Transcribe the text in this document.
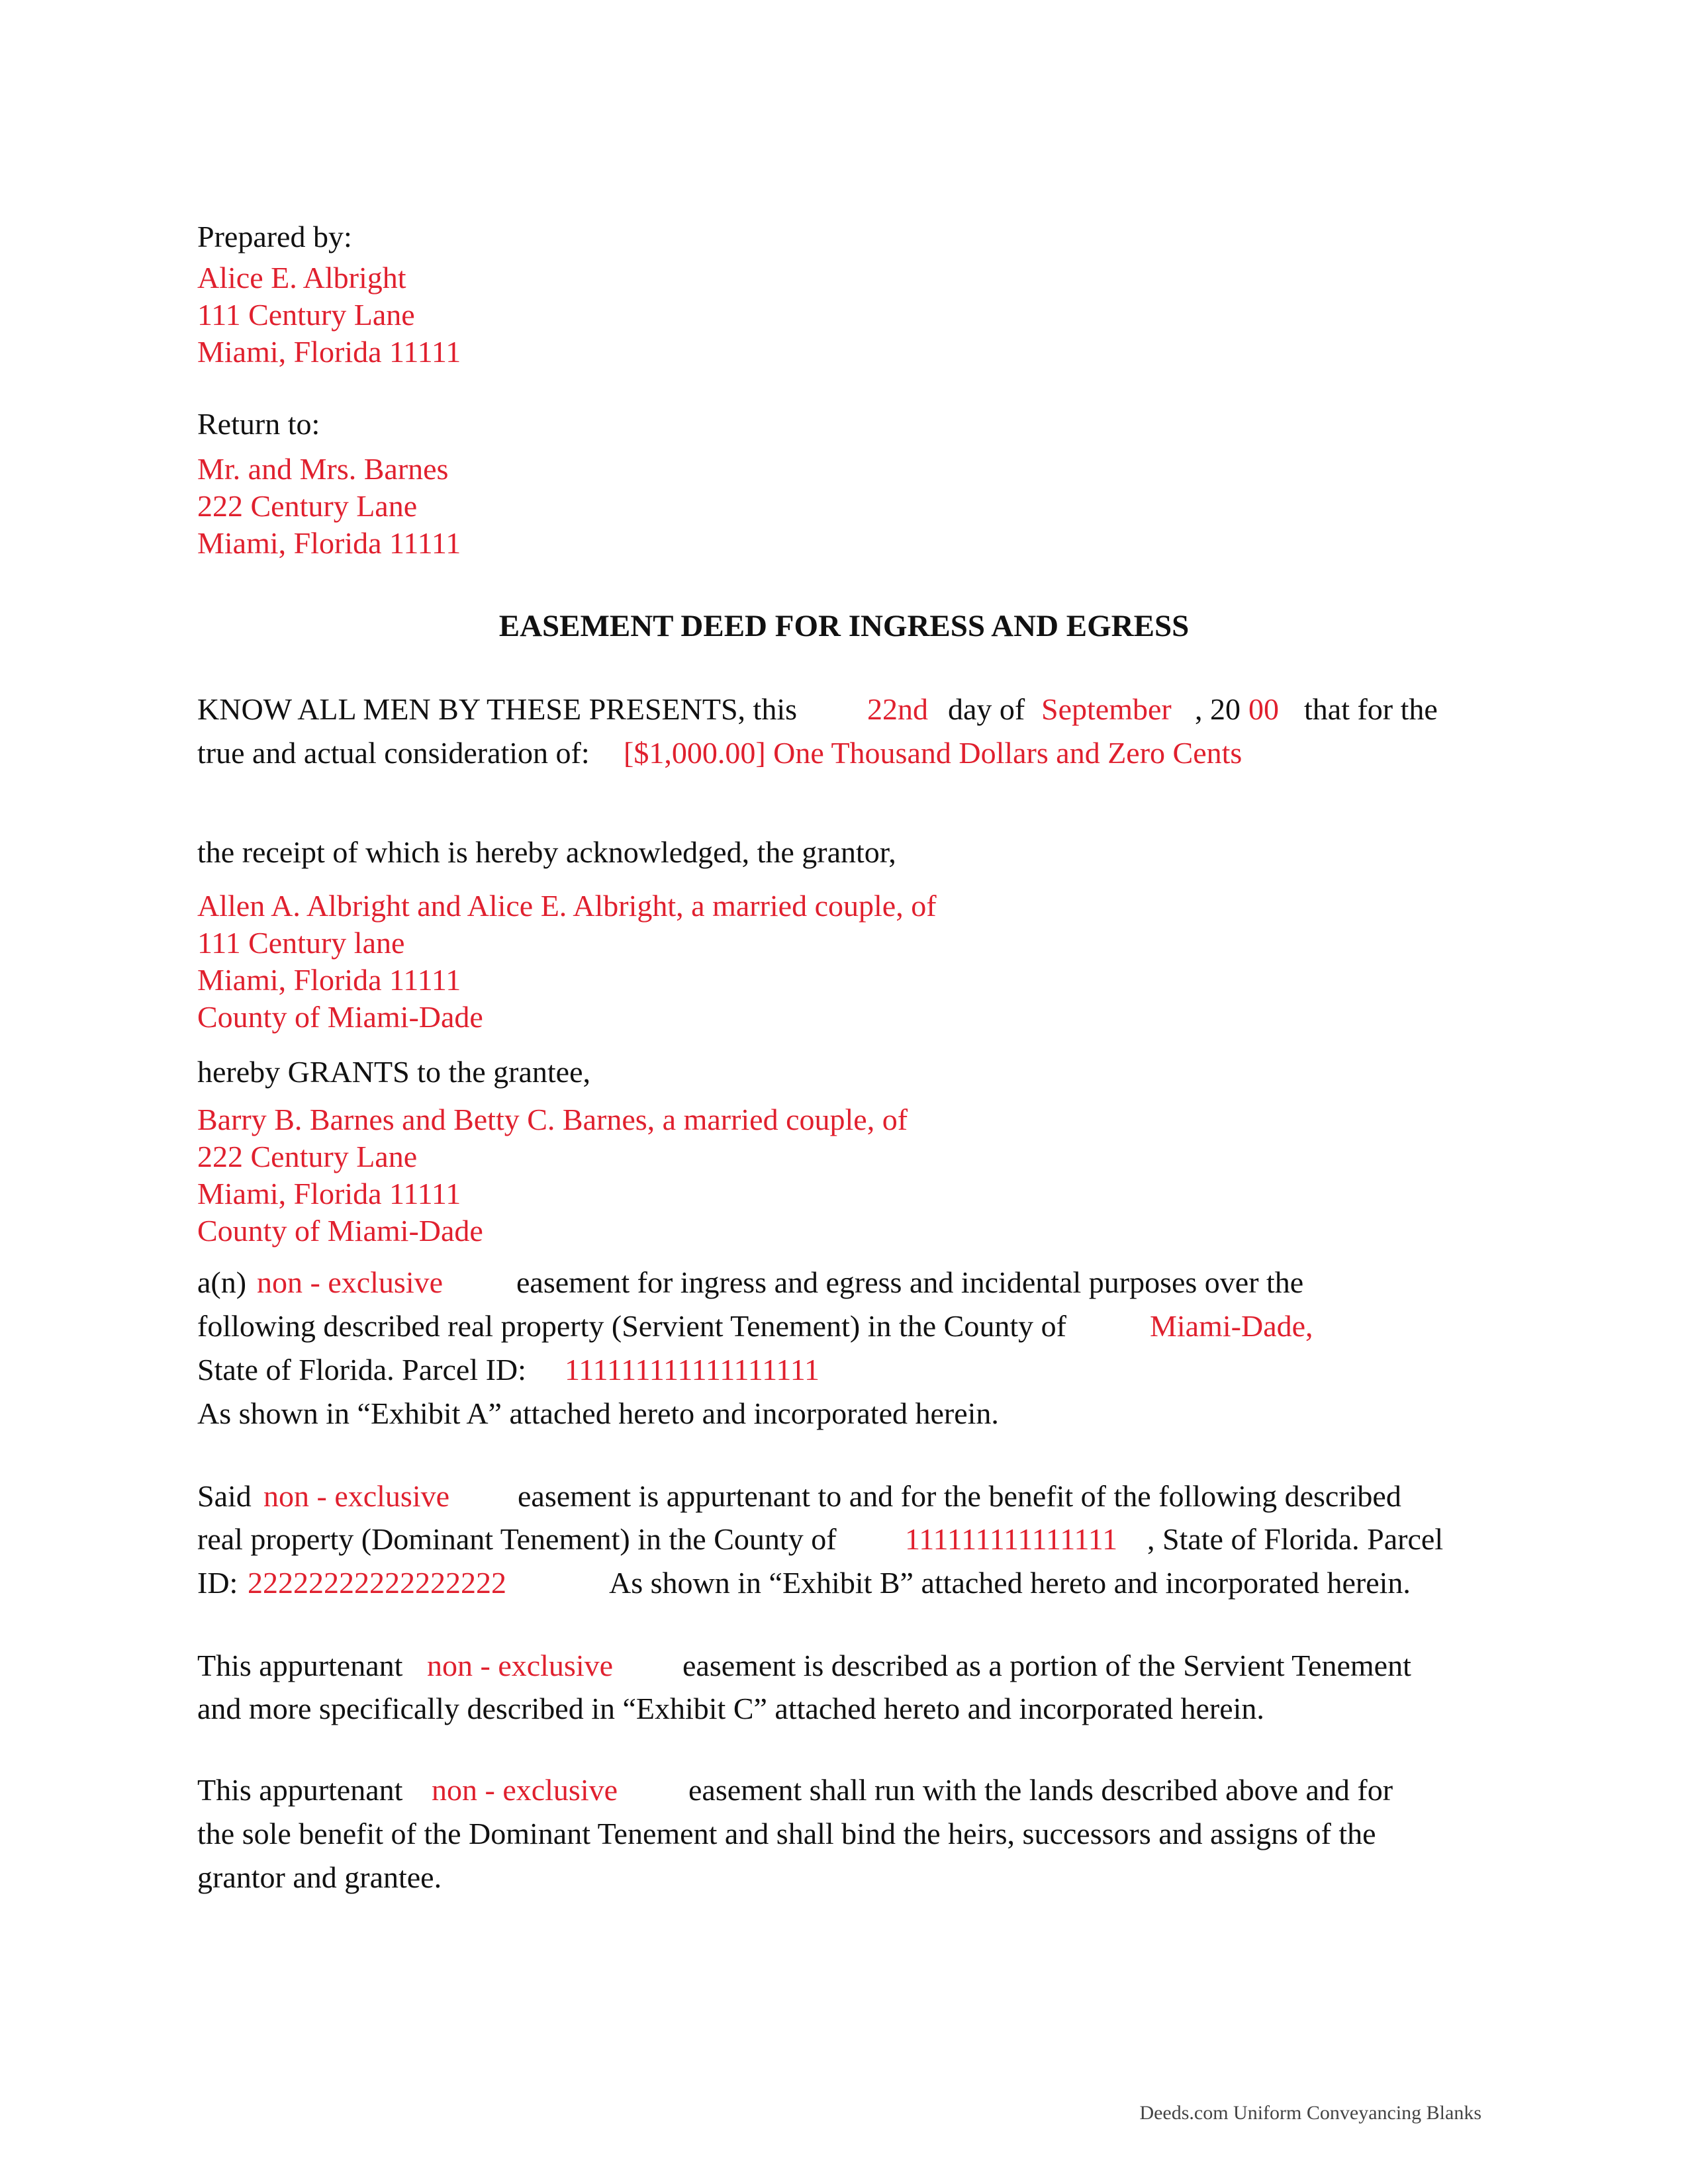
Prepared by:
Alice E. Albright
111 Century Lane
Miami, Florida 11111
Return to:
Mr. and Mrs. Barnes
222 Century Lane
Miami, Florida 11111
EASEMENT DEED FOR INGRESS AND EGRESS
KNOW ALL MEN BY THESE PRESENTS, this 22nd day of September , 20 00 that for the
true and actual consideration of: [$1,000.00] One Thousand Dollars and Zero Cents
the receipt of which is hereby acknowledged, the grantor,
Allen A. Albright and Alice E. Albright, a married couple, of
111 Century lane
Miami, Florida 11111
County of Miami-Dade
hereby GRANTS to the grantee,
Barry B. Barnes and Betty C. Barnes, a married couple, of
222 Century Lane
Miami, Florida 11111
County of Miami-Dade
a(n) non - exclusive easement for ingress and egress and incidental purposes over the
following described real property (Servient Tenement) in the County of	Miami-Dade,
State of Florida. Parcel ID: 111111111111111111
As shown in “Exhibit A” attached hereto and incorporated herein.
Said non - exclusive easement is appurtenant to and for the benefit of the following described
real property (Dominant Tenement) in the County of 111111111111111 , State of Florida. Parcel
ID: 22222222222222222	As shown in “Exhibit B” attached hereto and incorporated herein.
This appurtenant non - exclusive easement is described as a portion of the Servient Tenement
and more specifically described in “Exhibit C” attached hereto and incorporated herein.
This appurtenant non - exclusive easement shall run with the lands described above and for
the sole benefit of the Dominant Tenement and shall bind the heirs, successors and assigns of the
grantor and grantee.
Deeds.com Uniform Conveyancing Blanks
